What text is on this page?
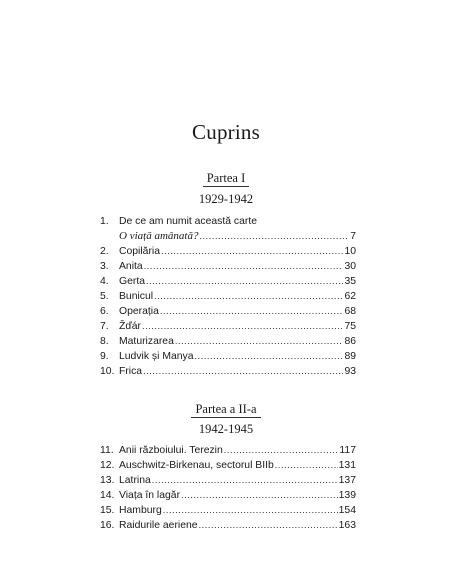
Cuprins
Partea I
1929-1942
1. De ce am numit această carte
O viață amânată? .....	7
2. Copilăria .....	10
3. Anita .....	30
4. Gerta .....	35
5. Bunicul .....	62
6. Operația .....	68
7. Žďár .....	75
8. Maturizarea .....	86
9. Ludvik și Manya .....	89
10. Frica .....	93
Partea a II-a
1942-1945
11. Anii războiului. Terezin .....	117
12. Auschwitz-Birkenau, sectorul BIIb .....	131
13. Latrina .....	137
14. Viața în lagăr .....	139
15. Hamburg .....	154
16. Raidurile aeriene .....	163
